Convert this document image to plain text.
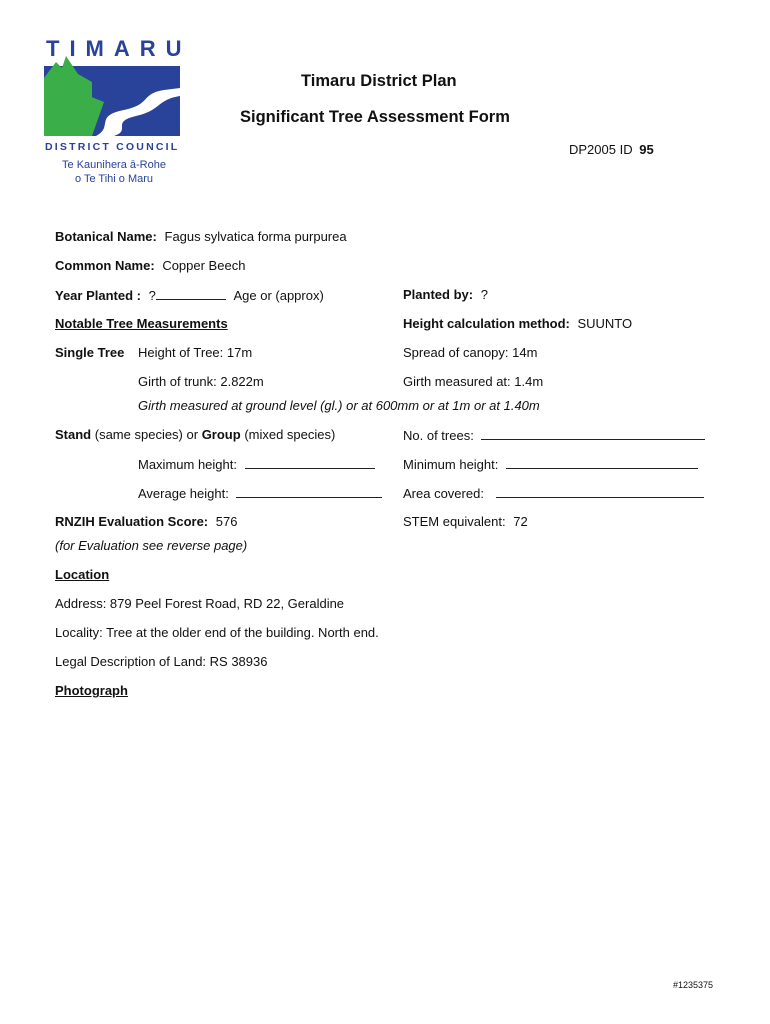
TIMARU
DISTRICT COUNCIL
Te Kaunihera ā-Rohe
o Te Tihi o Maru
Timaru District Plan
Significant Tree Assessment Form
DP2005 ID 95
Botanical Name: Fagus sylvatica forma purpurea
Common Name: Copper Beech
Year Planted : ?	Age or (approx)	Planted by: ?
Notable Tree Measurements	Height calculation method: SUUNTO
Single Tree Height of Tree: 17m	Spread of canopy: 14m
Girth of trunk: 2.822m	Girth measured at: 1.4m
Girth measured at ground level (gl.) or at 600mm or at 1m or at 1.40m
Stand (same species) or Group (mixed species)	No. of trees:
Maximum height:	Minimum height:
Average height:	Area covered:
RNZIH Evaluation Score: 576	STEM equivalent: 72
(for Evaluation see reverse page)
Location
Address: 879 Peel Forest Road, RD 22, Geraldine
Locality: Tree at the older end of the building. North end.
Legal Description of Land: RS 38936
Photograph
#1235375
